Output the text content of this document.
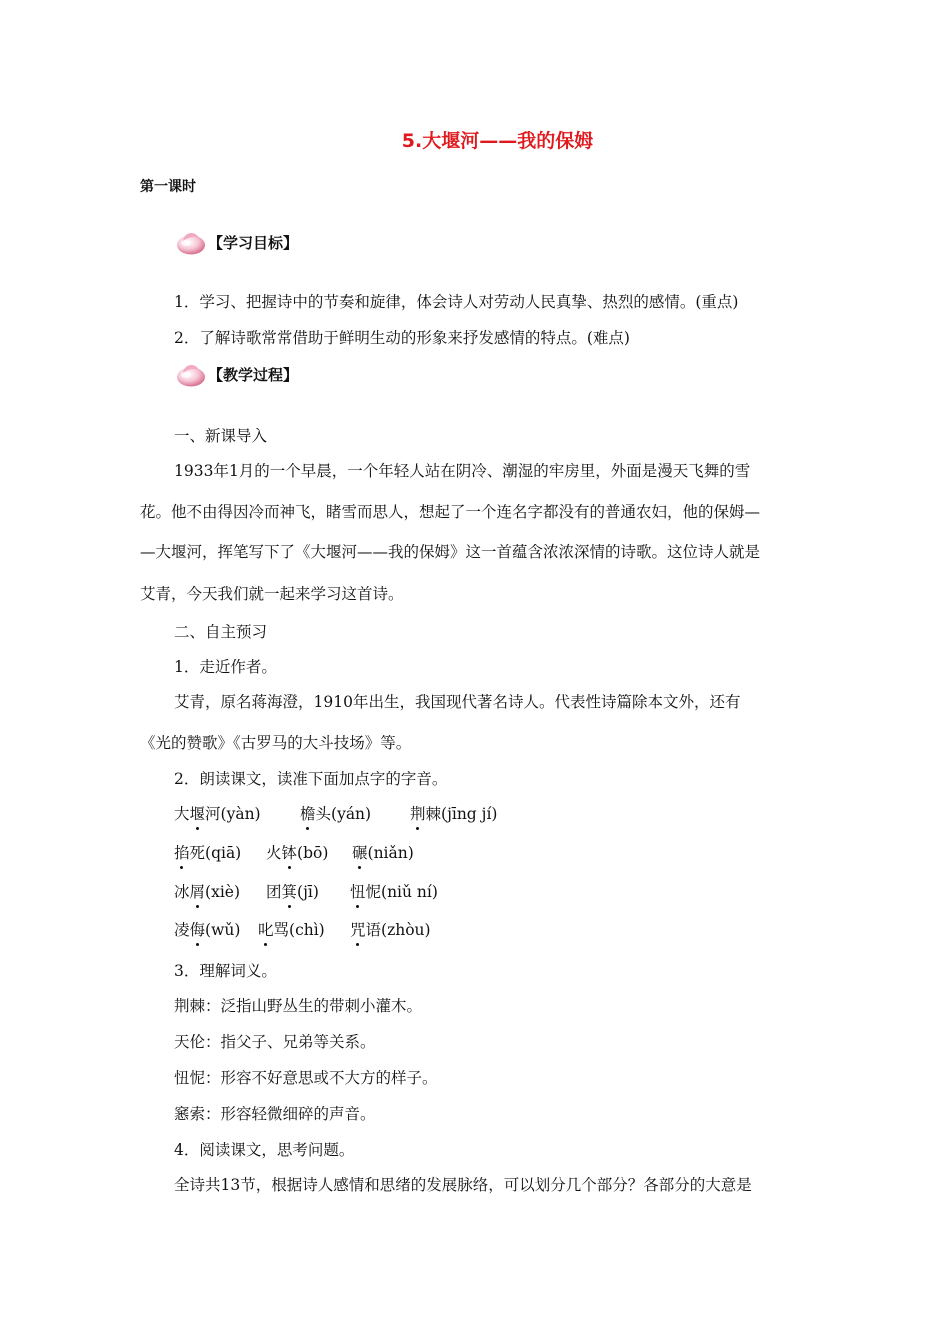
5.大堰河——我的保姆
第一课时
【学习目标】
1．学习、把握诗中的节奏和旋律，体会诗人对劳动人民真挚、热烈的感情。(重点)
2．了解诗歌常常借助于鲜明生动的形象来抒发感情的特点。(难点)
【教学过程】
一、新课导入
1933年1月的一个早晨，一个年轻人站在阴冷、潮湿的牢房里，外面是漫天飞舞的雪
花。他不由得因冷而神飞，睹雪而思人，想起了一个连名字都没有的普通农妇，他的保姆—
—大堰河，挥笔写下了《大堰河——我的保姆》这一首蕴含浓浓深情的诗歌。这位诗人就是
艾青，今天我们就一起来学习这首诗。
二、自主预习
1．走近作者。
艾青，原名蒋海澄，1910年出生，我国现代著名诗人。代表性诗篇除本文外，还有
《光的赞歌》《古罗马的大斗技场》等。
2．朗读课文，读准下面加点字的字音。
大堰河(yàn)	檐头(yán)	荆棘(jīng jí)
掐死(qiā) 火钵(bō) 碾(niǎn)
冰屑(xiè) 团箕(jī) 忸怩(niǔ ní)
凌侮(wǔ) 叱骂(chì) 咒语(zhòu)
3．理解词义。
荆棘：泛指山野丛生的带刺小灌木。
天伦：指父子、兄弟等关系。
忸怩：形容不好意思或不大方的样子。
窸索：形容轻微细碎的声音。
4．阅读课文，思考问题。
全诗共13节，根据诗人感情和思绪的发展脉络，可以划分几个部分？各部分的大意是
